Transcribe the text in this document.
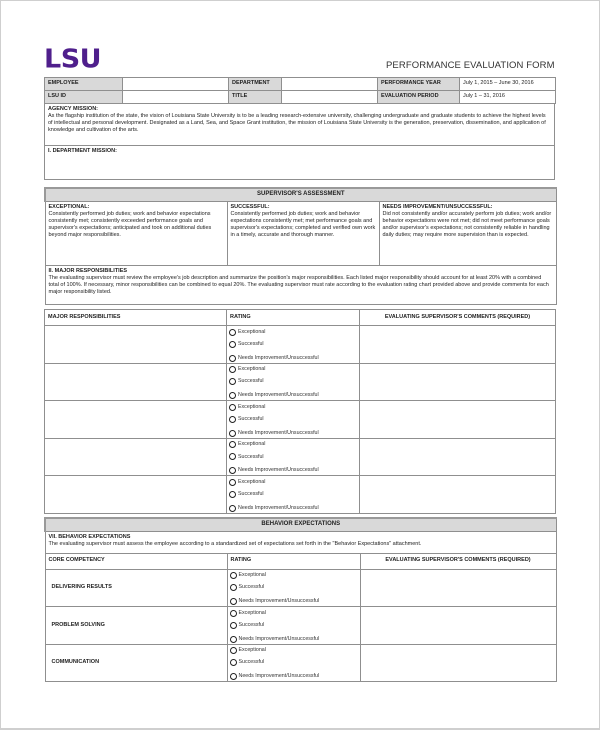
LSU	PERFORMANCE EVALUATION FORM
EMPLOYEE		DEPARTMENT		PERFORMANCE YEAR	July 1, 2015 – June 30, 2016
LSU ID		TITLE		EVALUATION PERIOD	July 1 – 31, 2016
AGENCY MISSION:
As the flagship institution of the state, the vision of Louisiana State University is to be a leading research-extensive university, challenging undergraduate and graduate students to achieve the highest levels of intellectual and personal development. Designated as a Land, Sea, and Space Grant institution, the mission of Louisiana State University is the generation, preservation, dissemination, and application of knowledge and cultivation of the arts.

I. DEPARTMENT MISSION:
SUPERVISOR'S ASSESSMENT

EXCEPTIONAL:
Consistently performed job duties; work and behavior expectations consistently met; consistently exceeded performance goals and supervisor's expectations; anticipated and took on additional duties beyond major responsibilities.

SUCCESSFUL:
Consistently performed job duties; work and behavior expectations consistently met; met performance goals and supervisor's expectations; completed and verified own work in a timely, accurate and thorough manner.

NEEDS IMPROVEMENT/UNSUCCESSFUL:
Did not consistently and/or accurately perform job duties; work and/or behavior expectations were not met; did not meet performance goals and/or supervisor's expectations; not consistently reliable in handling daily duties; may require more supervision than is expected.

II. MAJOR RESPONSIBILITIES
The evaluating supervisor must review the employee's job description and summarize the position's major responsibilities. Each listed major responsibility should account for at least 20% with a combined total of 100%. If necessary, minor responsibilities can be combined to equal 20%. The evaluating supervisor must rate according to the evaluation rating chart provided above and provide comments for each major responsibility listed.
MAJOR RESPONSIBILITIES	RATING	EVALUATING SUPERVISOR'S COMMENTS (REQUIRED)

	Exceptional
Successful
Needs Improvement/Unsuccessful	

	Exceptional
Successful
Needs Improvement/Unsuccessful	

	Exceptional
Successful
Needs Improvement/Unsuccessful	

	Exceptional
Successful
Needs Improvement/Unsuccessful	

	Exceptional
Successful
Needs Improvement/Unsuccessful	

BEHAVIOR EXPECTATIONS		

VII. BEHAVIOR EXPECTATIONS
The evaluating supervisor must assess the employee according to a standardized set of expectations set forth in the "Behavior Expectations" attachment.		

CORE COMPETENCY	RATING	EVALUATING SUPERVISOR'S COMMENTS (REQUIRED)
DELIVERING RESULTS	Exceptional
Successful
Needs Improvement/Unsuccessful	

PROBLEM SOLVING	Exceptional
Successful
Needs Improvement/Unsuccessful	

COMMUNICATION	Exceptional
Successful
Needs Improvement/Unsuccessful	
